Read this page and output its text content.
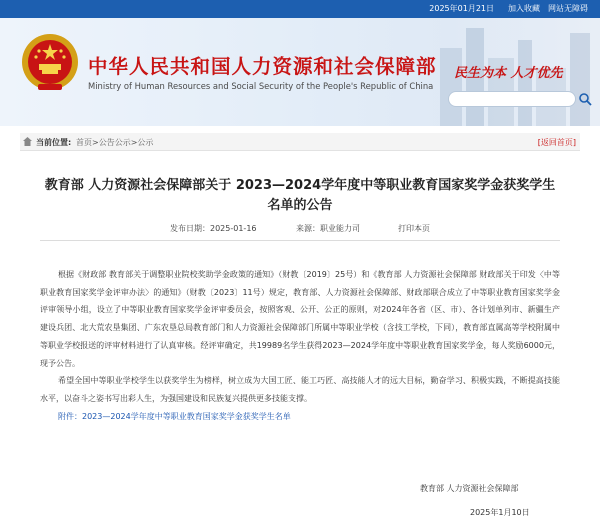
2025年01月21日 加入收藏 网站无障碍
中华人民共和国人力资源和社会保障部
Ministry of Human Resources and Social Security of the People's Republic of China
民生为本 人才优先
当前位置: 首页>公告公示>公示	[返回首页]
教育部 人力资源社会保障部关于 2023—2024学年度中等职业教育国家奖学金获奖学生
名单的公告
发布日期：2025-01-16	来源：职业能力司	打印本页

根据《财政部 教育部关于调整职业院校奖助学金政策的通知》（财教〔2019〕25号）和《教育部 人力资源社会保障部 财政部关于印发〈中等职业教育国家奖学金评审办法〉的通知》（财教〔2023〕11号）规定，教育部、人力资源社会保障部、财政部联合成立了中等职业教育国家奖学金评审领导小组，设立了中等职业教育国家奖学金评审委员会，按照客观、公开、公正的原则，对2024年各省（区、市）、各计划单列市、新疆生产建设兵团、北大荒农垦集团、广东农垦总局教育部门和人力资源社会保障部门所属中等职业学校（含技工学校，下同），教育部直属高等学校附属中等职业学校报送的评审材料进行了认真审核。经评审确定，共19989名学生获得2023—2024学年度中等职业教育国家奖学金，每人奖励6000元，现予公告。

希望全国中等职业学校学生以获奖学生为榜样，树立成为大国工匠、能工巧匠、高技能人才的远大目标，勤奋学习、积极实践，不断提高技能水平，以奋斗之姿书写出彩人生，为强国建设和民族复兴提供更多技能支撑。

附件：2023—2024学年度中等职业教育国家奖学金获奖学生名单
教育部 人力资源社会保障部
2025年1月10日
